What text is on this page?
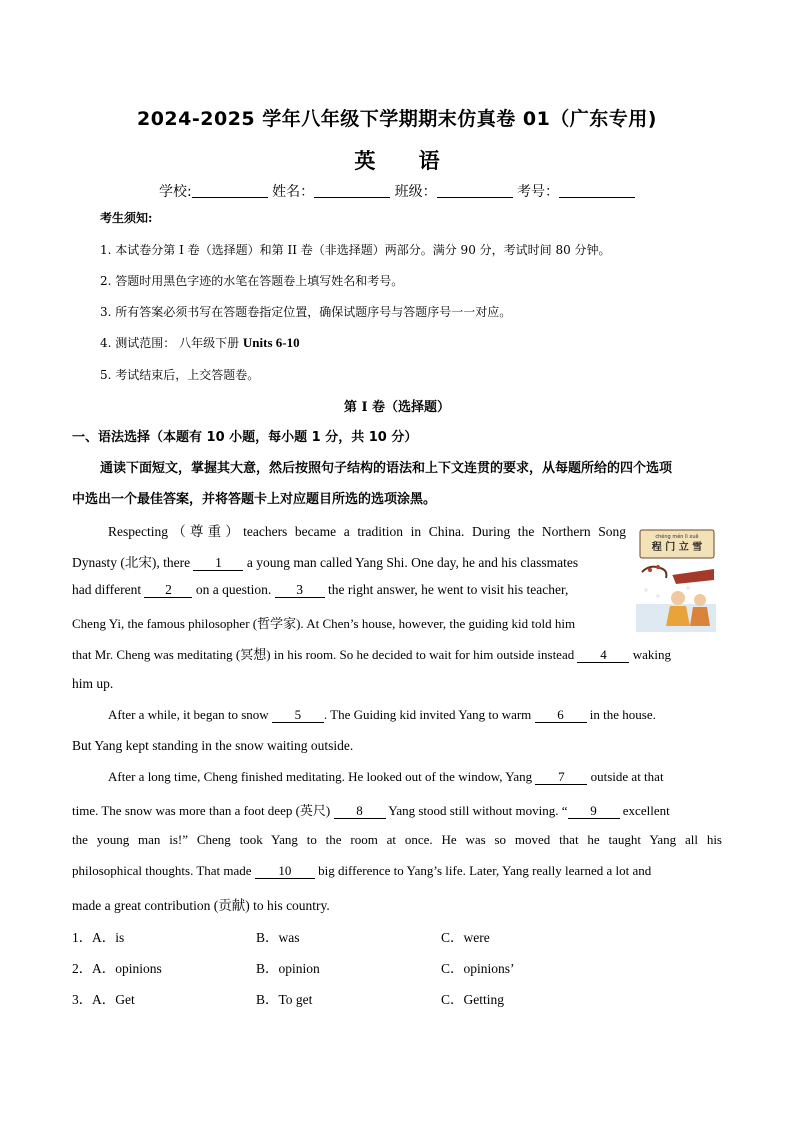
2024-2025 学年八年级下学期期末仿真卷 01（广东专用)
英 语
学校:	姓名：	班级：	考号：
考生须知:
1. 本试卷分第 I 卷（选择题）和第 II 卷（非选择题）两部分。满分 90 分，考试时间 80 分钟。
2. 答题时用黑色字迹的水笔在答题卷上填写姓名和考号。
3. 所有答案必须书写在答题卷指定位置，确保试题序号与答题序号一一对应。
4. 测试范围： 八年级下册 Units 6-10
5. 考试结束后，上交答题卷。
第 I 卷（选择题）
一、语法选择（本题有 10 小题，每小题 1 分，共 10 分）
通读下面短文，掌握其大意，然后按照句子结构的语法和上下文连贯的要求，从每题所给的四个选项
中选出一个最佳答案，并将答题卡上对应题目所选的选项涂黑。
Respecting（尊重）teachers became a tradition in China. During the Northern Song
Dynasty (北宋), there 1 a young man called Yang Shi. One day, he and his classmates
had different 2 on a question. 3 the right answer, he went to visit his teacher,
Cheng Yi, the famous philosopher (哲学家). At Chen’s house, however, the guiding kid told him
that Mr. Cheng was meditating (冥想) in his room. So he decided to wait for him outside instead 4 waking
him up.
After a while, it began to snow 5 . The Guiding kid invited Yang to warm 6 in the house.
But Yang kept standing in the snow waiting outside.
After a long time, Cheng finished meditating. He looked out of the window, Yang 7 outside at that
time. The snow was more than a foot deep (英尺) 8 Yang stood still without moving. “ 9 excellent
the young man is!” Cheng took Yang to the room at once. He was so moved that he taught Yang all his
philosophical thoughts. That made 10 big difference to Yang’s life. Later, Yang really learned a lot and
made a great contribution (贡献) to his country.
chéng mén lì xuě
程 门 立 雪
1． A．is	B．was	C．were
2． A．opinions	B．opinion	C．opinions’
3． A．Get	B．To get	C．Getting
